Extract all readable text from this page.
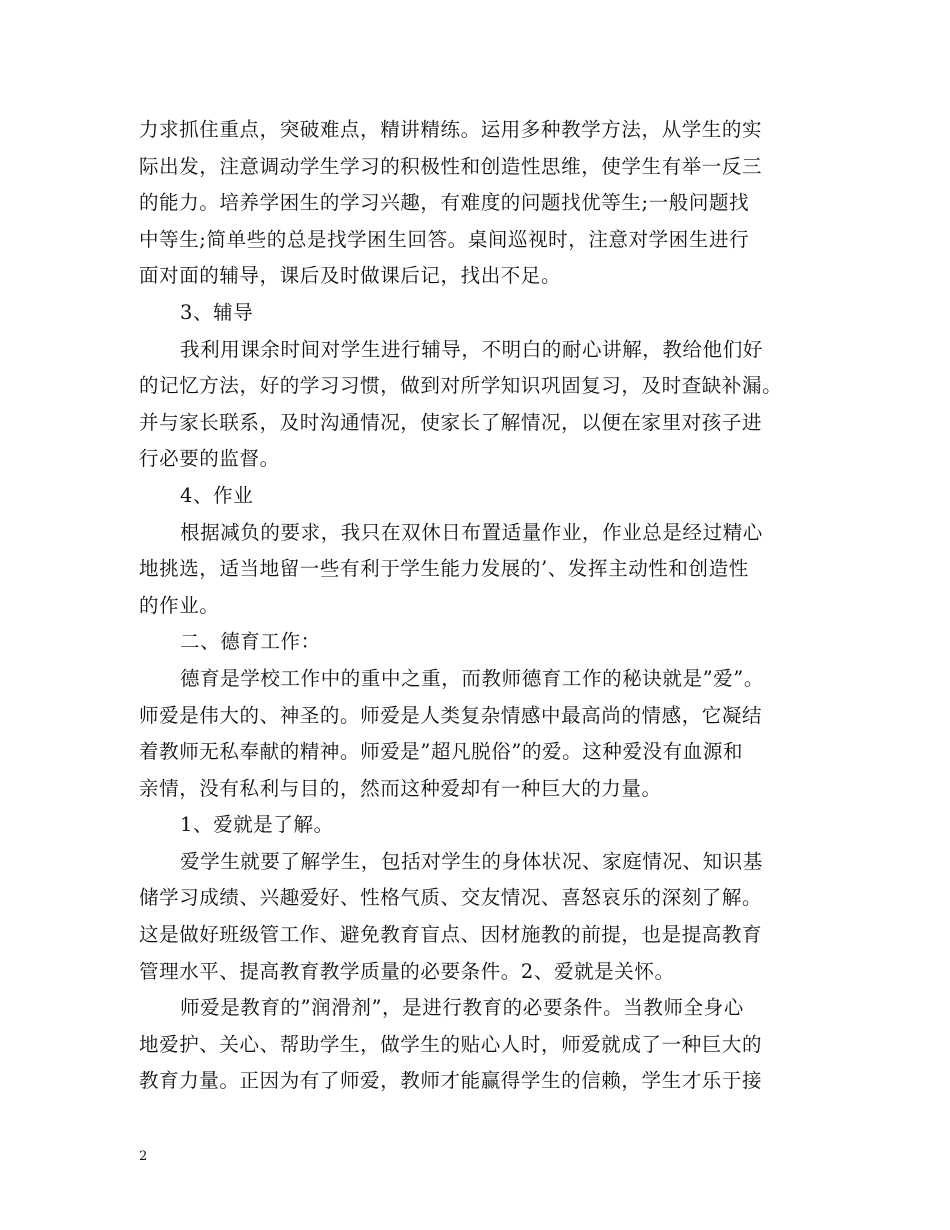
力求抓住重点，突破难点，精讲精练。运用多种教学方法，从学生的实
际出发，注意调动学生学习的积极性和创造性思维，使学生有举一反三
的能力。培养学困生的学习兴趣，有难度的问题找优等生;一般问题找
中等生;简单些的总是找学困生回答。桌间巡视时，注意对学困生进行
面对面的辅导，课后及时做课后记，找出不足。
3、辅导
我利用课余时间对学生进行辅导，不明白的耐心讲解，教给他们好
的记忆方法，好的学习习惯，做到对所学知识巩固复习，及时查缺补漏。
并与家长联系，及时沟通情况，使家长了解情况，以便在家里对孩子进
行必要的监督。
4、作业
根据减负的要求，我只在双休日布置适量作业，作业总是经过精心
地挑选，适当地留一些有利于学生能力发展的’、发挥主动性和创造性
的作业。
二、德育工作：
德育是学校工作中的重中之重，而教师德育工作的秘诀就是”爱”。
师爱是伟大的、神圣的。师爱是人类复杂情感中最高尚的情感，它凝结
着教师无私奉献的精神。师爱是”超凡脱俗”的爱。这种爱没有血源和
亲情，没有私利与目的，然而这种爱却有一种巨大的力量。
1、爱就是了解。
爱学生就要了解学生，包括对学生的身体状况、家庭情况、知识基
储学习成绩、兴趣爱好、性格气质、交友情况、喜怒哀乐的深刻了解。
这是做好班级管工作、避免教育盲点、因材施教的前提，也是提高教育
管理水平、提高教育教学质量的必要条件。2、爱就是关怀。
师爱是教育的”润滑剂”，是进行教育的必要条件。当教师全身心
地爱护、关心、帮助学生，做学生的贴心人时，师爱就成了一种巨大的
教育力量。正因为有了师爱，教师才能赢得学生的信赖，学生才乐于接
2
